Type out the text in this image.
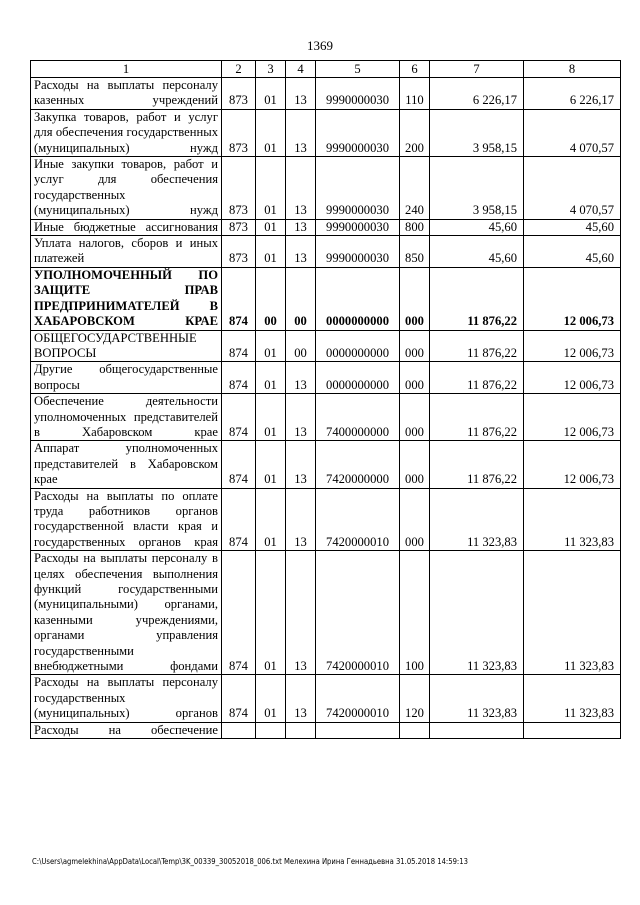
1369
1	2	3	4	5	6	7	8
Расходы на выплаты персоналу казенных учреждений	873	01	13	9990000030	110	6 226,17	6 226,17
Закупка товаров, работ и услуг для обеспечения государственных (муниципальных) нужд	873	01	13	9990000030	200	3 958,15	4 070,57
Иные закупки товаров, работ и услуг для обеспечения государственных (муниципальных) нужд	873	01	13	9990000030	240	3 958,15	4 070,57
Иные бюджетные ассигнования	873	01	13	9990000030	800	45,60	45,60
Уплата налогов, сборов и иных платежей	873	01	13	9990000030	850	45,60	45,60
УПОЛНОМОЧЕННЫЙ ПО ЗАЩИТЕ ПРАВ ПРЕДПРИНИМАТЕЛЕЙ В ХАБАРОВСКОМ КРАЕ	874	00	00	0000000000	000	11 876,22	12 006,73
ОБЩЕГОСУДАРСТВЕННЫЕ ВОПРОСЫ	874	01	00	0000000000	000	11 876,22	12 006,73
Другие общегосударственные вопросы	874	01	13	0000000000	000	11 876,22	12 006,73
Обеспечение деятельности уполномоченных представителей в Хабаровском крае	874	01	13	7400000000	000	11 876,22	12 006,73
Аппарат уполномоченных представителей в Хабаровском крае	874	01	13	7420000000	000	11 876,22	12 006,73
Расходы на выплаты по оплате труда работников органов государственной власти края и государственных органов края	874	01	13	7420000010	000	11 323,83	11 323,83
Расходы на выплаты персоналу в целях обеспечения выполнения функций государственными (муниципальными) органами, казенными учреждениями, органами управления государственными внебюджетными фондами	874	01	13	7420000010	100	11 323,83	11 323,83
Расходы на выплаты персоналу государственных (муниципальных) органов	874	01	13	7420000010	120	11 323,83	11 323,83
Расходы на обеспечение							
C:\Users\agmelekhina\AppData\Local\Temp\3K_00339_30052018_006.txt Мелехина Ирина Геннадьевна 31.05.2018 14:59:13
